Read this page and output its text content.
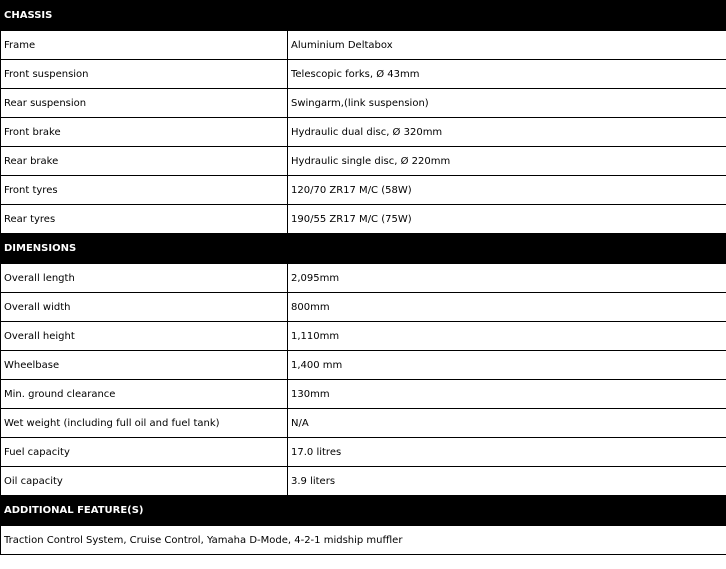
CHASSIS	
Frame	Aluminium Deltabox
Front suspension	Telescopic forks, Ø 43mm
Rear suspension	Swingarm,(link suspension)
Front brake	Hydraulic dual disc, Ø 320mm
Rear brake	Hydraulic single disc, Ø 220mm
Front tyres	120/70 ZR17 M/C (58W)
Rear tyres	190/55 ZR17 M/C (75W)
DIMENSIONS	
Overall length	2,095mm
Overall width	800mm
Overall height	1,110mm
Wheelbase	1,400 mm
Min. ground clearance	130mm
Wet weight (including full oil and fuel tank)	N/A
Fuel capacity	17.0 litres
Oil capacity	3.9 liters
ADDITIONAL FEATURE(S)	
Traction Control System, Cruise Control, Yamaha D-Mode, 4-2-1 midship muffler	
